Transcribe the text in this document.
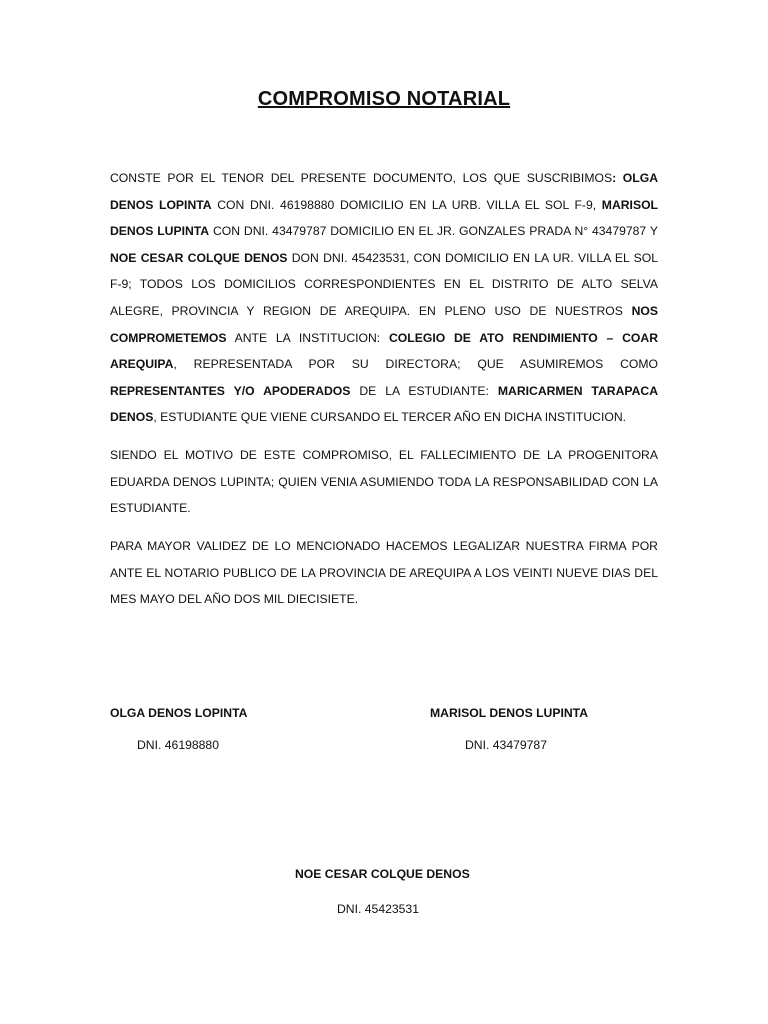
COMPROMISO NOTARIAL

CONSTE POR EL TENOR DEL PRESENTE DOCUMENTO, LOS QUE SUSCRIBIMOS: OLGA DENOS LOPINTA CON DNI. 46198880 DOMICILIO EN LA URB. VILLA EL SOL F-9, MARISOL DENOS LUPINTA CON DNI. 43479787 DOMICILIO EN EL JR. GONZALES PRADA N° 43479787 Y NOE CESAR COLQUE DENOS DON DNI. 45423531, CON DOMICILIO EN LA UR. VILLA EL SOL F-9; TODOS LOS DOMICILIOS CORRESPONDIENTES EN EL DISTRITO DE ALTO SELVA ALEGRE, PROVINCIA Y REGION DE AREQUIPA. EN PLENO USO DE NUESTROS NOS COMPROMETEMOS ANTE LA INSTITUCION: COLEGIO DE ATO RENDIMIENTO – COAR AREQUIPA, REPRESENTADA POR SU DIRECTORA; QUE ASUMIREMOS COMO REPRESENTANTES Y/O APODERADOS DE LA ESTUDIANTE: MARICARMEN TARAPACA DENOS, ESTUDIANTE QUE VIENE CURSANDO EL TERCER AÑO EN DICHA INSTITUCION.

SIENDO EL MOTIVO DE ESTE COMPROMISO, EL FALLECIMIENTO DE LA PROGENITORA EDUARDA DENOS LUPINTA; QUIEN VENIA ASUMIENDO TODA LA RESPONSABILIDAD CON LA ESTUDIANTE.

PARA MAYOR VALIDEZ DE LO MENCIONADO HACEMOS LEGALIZAR NUESTRA FIRMA POR ANTE EL NOTARIO PUBLICO DE LA PROVINCIA DE AREQUIPA A LOS VEINTI NUEVE DIAS DEL MES MAYO DEL AÑO DOS MIL DIECISIETE.

OLGA DENOS LOPINTA
DNI. 46198880
MARISOL DENOS LUPINTA
DNI. 43479787
NOE CESAR COLQUE DENOS
DNI. 45423531
